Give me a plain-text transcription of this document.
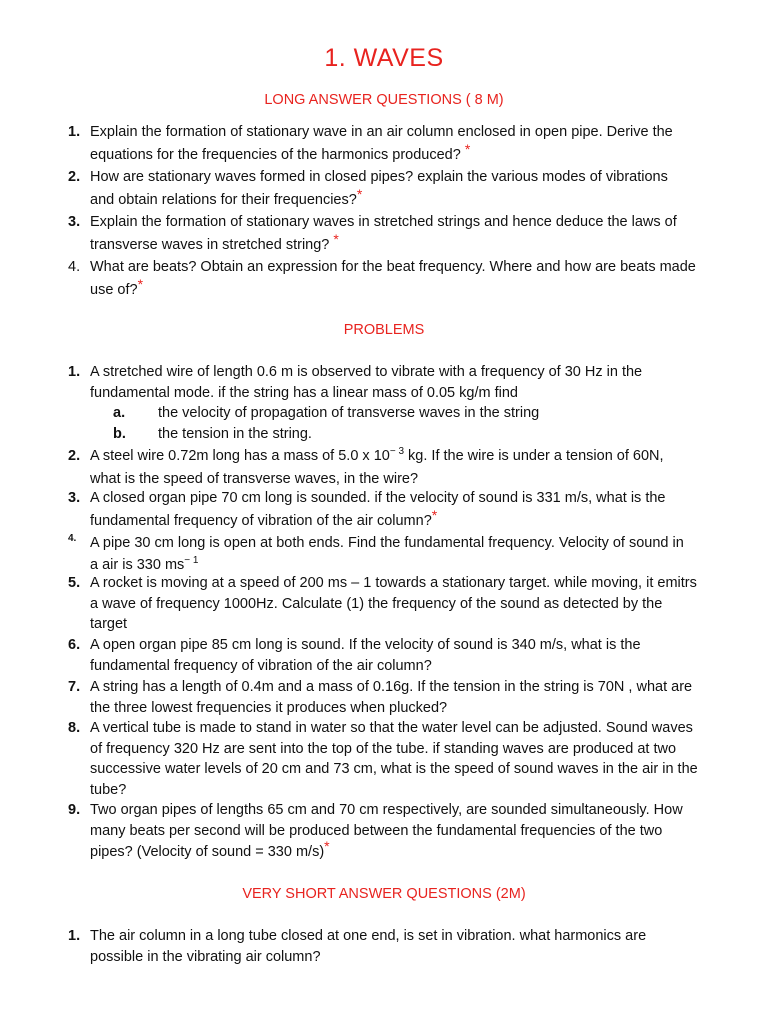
1. WAVES
LONG ANSWER QUESTIONS ( 8 M)
1. Explain the formation of stationary wave in an air column enclosed in open pipe. Derive the
equations for the frequencies of the harmonics produced? *
2. How are stationary waves formed in closed pipes? explain the various modes of vibrations
and obtain relations for their frequencies?*
3. Explain the formation of stationary waves in stretched strings and hence deduce the laws of
transverse waves in stretched string? *
4. What are beats? Obtain an expression for the beat frequency. Where and how are beats made
use of?*
PROBLEMS
1. A stretched wire of length 0.6 m is observed to vibrate with a frequency of 30 Hz in the
fundamental mode. if the string has a linear mass of 0.05 kg/m find
a. the velocity of propagation of transverse waves in the string
b. the tension in the string.
2. A steel wire 0.72m long has a mass of 5.0 x $10^{- 3}$ kg. If the wire is under a tension of 60N,
what is the speed of transverse waves, in the wire?
3. A closed organ pipe 70 cm long is sounded. if the velocity of sound is 331 m/s, what is the
fundamental frequency of vibration of the air column?*
4. A pipe 30 cm long is open at both ends. Find the fundamental frequency. Velocity of sound in
a air is 330 $ms^{- 1}$
5. A rocket is moving at a speed of 200 ms – 1 towards a stationary target. while moving, it emitrs
a wave of frequency 1000Hz. Calculate (1) the frequency of the sound as detected by the
target
6. A open organ pipe 85 cm long is sound. If the velocity of sound is 340 m/s, what is the
fundamental frequency of vibration of the air column?
7. A string has a length of 0.4m and a mass of 0.16g. If the tension in the string is 70N , what are
the three lowest frequencies it produces when plucked?
8. A vertical tube is made to stand in water so that the water level can be adjusted. Sound waves
of frequency 320 Hz are sent into the top of the tube. if standing waves are produced at two
successive water levels of 20 cm and 73 cm, what is the speed of sound waves in the air in the
tube?
9. Two organ pipes of lengths 65 cm and 70 cm respectively, are sounded simultaneously. How
many beats per second will be produced between the fundamental frequencies of the two
pipes? (Velocity of sound = 330 m/s)*
VERY SHORT ANSWER QUESTIONS (2M)
1. The air column in a long tube closed at one end, is set in vibration. what harmonics are
possible in the vibrating air column?
